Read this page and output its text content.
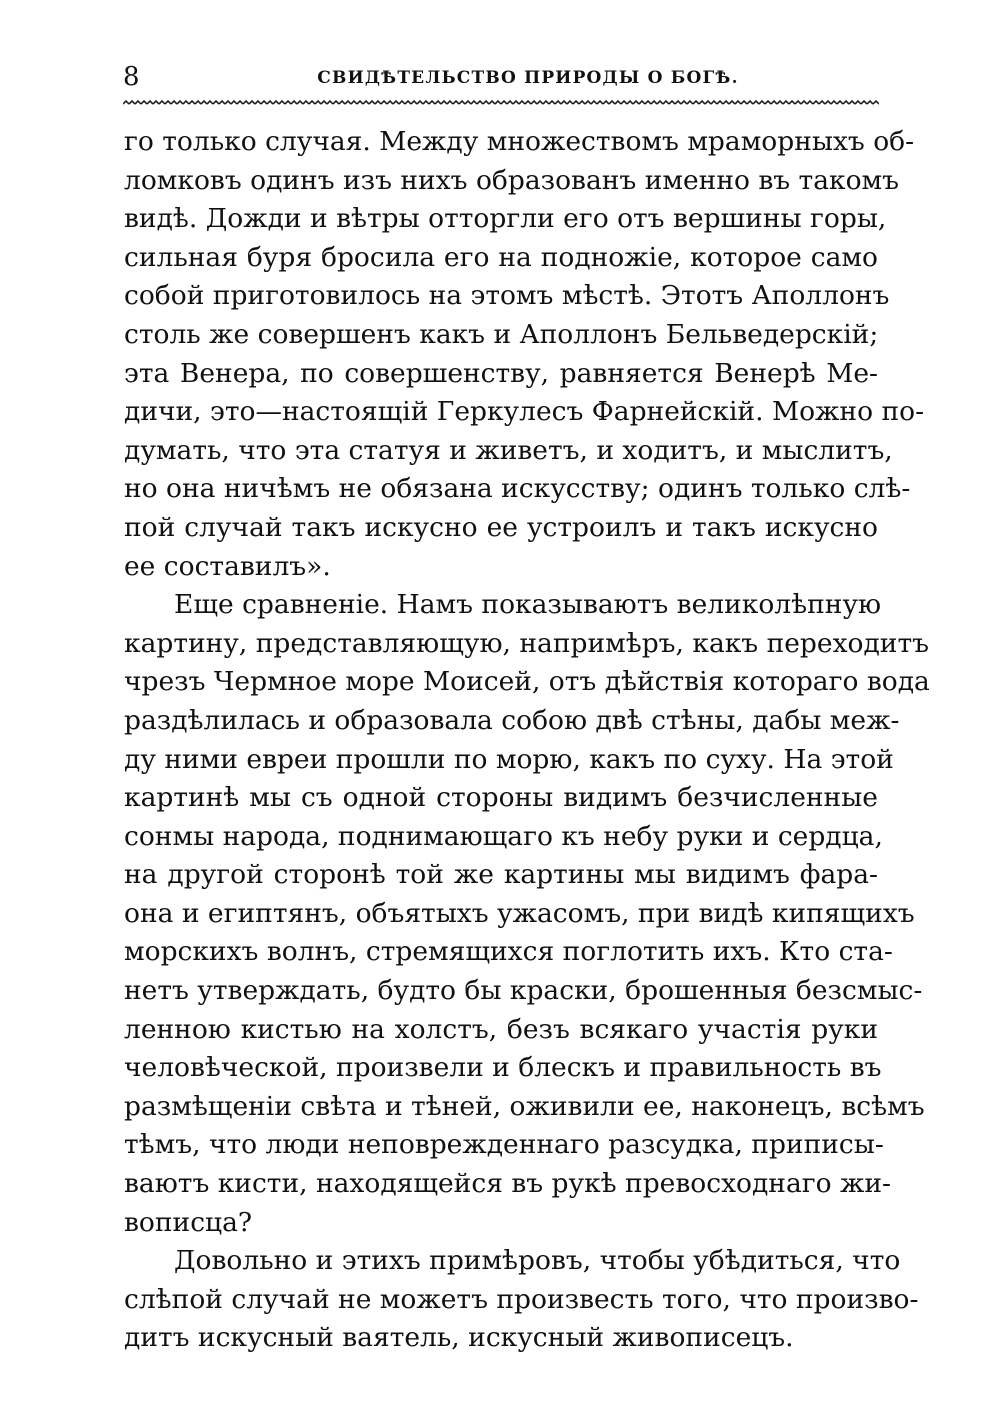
8	СВИДѢТЕЛЬСТВО ПРИРОДЫ О БОГѢ.
го только случая. Между множествомъ мраморныхъ об-
ломковъ одинъ изъ нихъ образованъ именно въ такомъ
видѣ. Дожди и вѣтры отторгли его отъ вершины горы,
сильная буря бросила его на подножіе, которое само
собой приготовилось на этомъ мѣстѣ. Этотъ Аполлонъ
столь же совершенъ какъ и Аполлонъ Бельведерскій;
эта Венера, по совершенству, равняется Венерѣ Ме-
дичи, это—настоящій Геркулесъ Фарнейскій. Можно по-
думать, что эта статуя и живетъ, и ходитъ, и мыслитъ,
но она ничѣмъ не обязана искусству; одинъ только слѣ-
пой случай такъ искусно ее устроилъ и такъ искусно
ее составилъ».
Еще сравненіе. Намъ показываютъ великолѣпную
картину, представляющую, напримѣръ, какъ переходитъ
чрезъ Чермное море Моисей, отъ дѣйствія котораго вода
раздѣлилась и образовала собою двѣ стѣны, дабы меж-
ду ними евреи прошли по морю, какъ по суху. На этой
картинѣ мы съ одной стороны видимъ безчисленные
сонмы народа, поднимающаго къ небу руки и сердца,
на другой сторонѣ той же картины мы видимъ фара-
она и египтянъ, объятыхъ ужасомъ, при видѣ кипящихъ
морскихъ волнъ, стремящихся поглотить ихъ. Кто ста-
нетъ утверждать, будто бы краски, брошенныя безсмыс-
ленною кистью на холстъ, безъ всякаго участія руки
человѣческой, произвели и блескъ и правильность въ
размѣщеніи свѣта и тѣней, оживили ее, наконецъ, всѣмъ
тѣмъ, что люди неповрежденнаго разсудка, приписы-
ваютъ кисти, находящейся въ рукѣ превосходнаго жи-
вописца?
Довольно и этихъ примѣровъ, чтобы убѣдиться, что
слѣпой случай не можетъ произвесть того, что произво-
дитъ искусный ваятель, искусный живописецъ.
